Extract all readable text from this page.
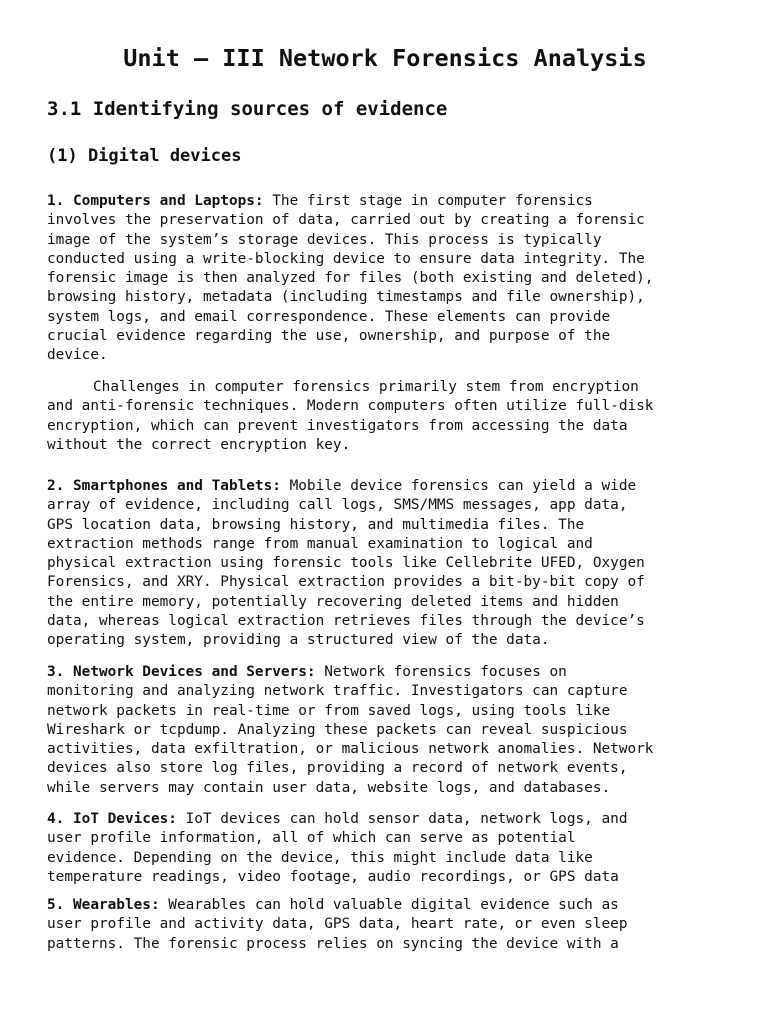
Unit – III Network Forensics Analysis
3.1 Identifying sources of evidence
(1) Digital devices

1. Computers and Laptops: The first stage in computer forensics
involves the preservation of data, carried out by creating a forensic
image of the system’s storage devices. This process is typically
conducted using a write-blocking device to ensure data integrity. The
forensic image is then analyzed for files (both existing and deleted),
browsing history, metadata (including timestamps and file ownership),
system logs, and email correspondence. These elements can provide
crucial evidence regarding the use, ownership, and purpose of the
device.

Challenges in computer forensics primarily stem from encryption
and anti-forensic techniques. Modern computers often utilize full-disk
encryption, which can prevent investigators from accessing the data
without the correct encryption key.

2. Smartphones and Tablets: Mobile device forensics can yield a wide
array of evidence, including call logs, SMS/MMS messages, app data,
GPS location data, browsing history, and multimedia files. The
extraction methods range from manual examination to logical and
physical extraction using forensic tools like Cellebrite UFED, Oxygen
Forensics, and XRY. Physical extraction provides a bit-by-bit copy of
the entire memory, potentially recovering deleted items and hidden
data, whereas logical extraction retrieves files through the device’s
operating system, providing a structured view of the data.

3. Network Devices and Servers: Network forensics focuses on
monitoring and analyzing network traffic. Investigators can capture
network packets in real-time or from saved logs, using tools like
Wireshark or tcpdump. Analyzing these packets can reveal suspicious
activities, data exfiltration, or malicious network anomalies. Network
devices also store log files, providing a record of network events,
while servers may contain user data, website logs, and databases.

4. IoT Devices: IoT devices can hold sensor data, network logs, and
user profile information, all of which can serve as potential
evidence. Depending on the device, this might include data like
temperature readings, video footage, audio recordings, or GPS data

5. Wearables: Wearables can hold valuable digital evidence such as
user profile and activity data, GPS data, heart rate, or even sleep
patterns. The forensic process relies on syncing the device with a
